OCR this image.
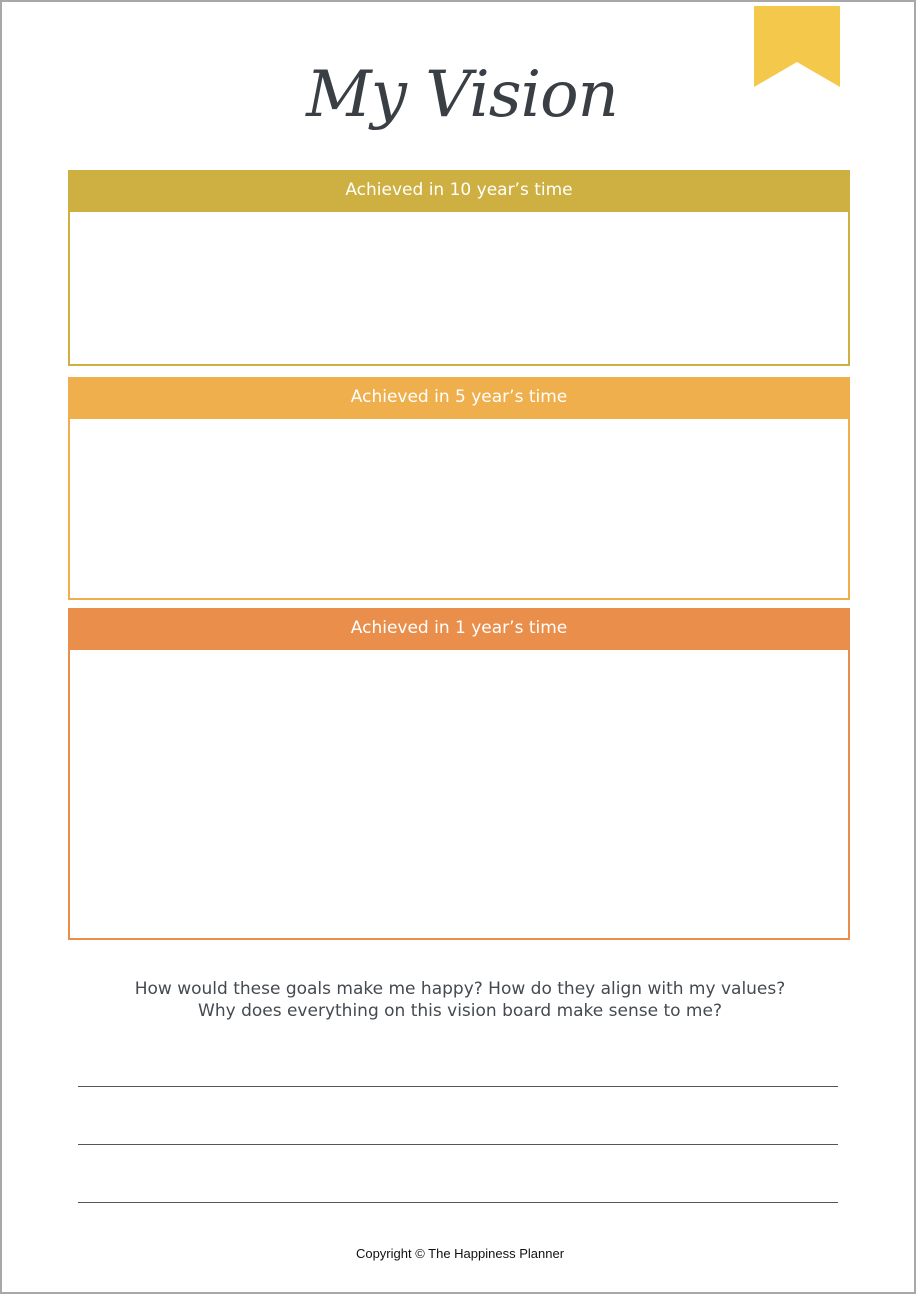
My Vision
Achieved in 10 year’s time
Achieved in 5 year’s time
Achieved in 1 year’s time
How would these goals make me happy? How do they align with my values?
Why does everything on this vision board make sense to me?
Copyright © The Happiness Planner
